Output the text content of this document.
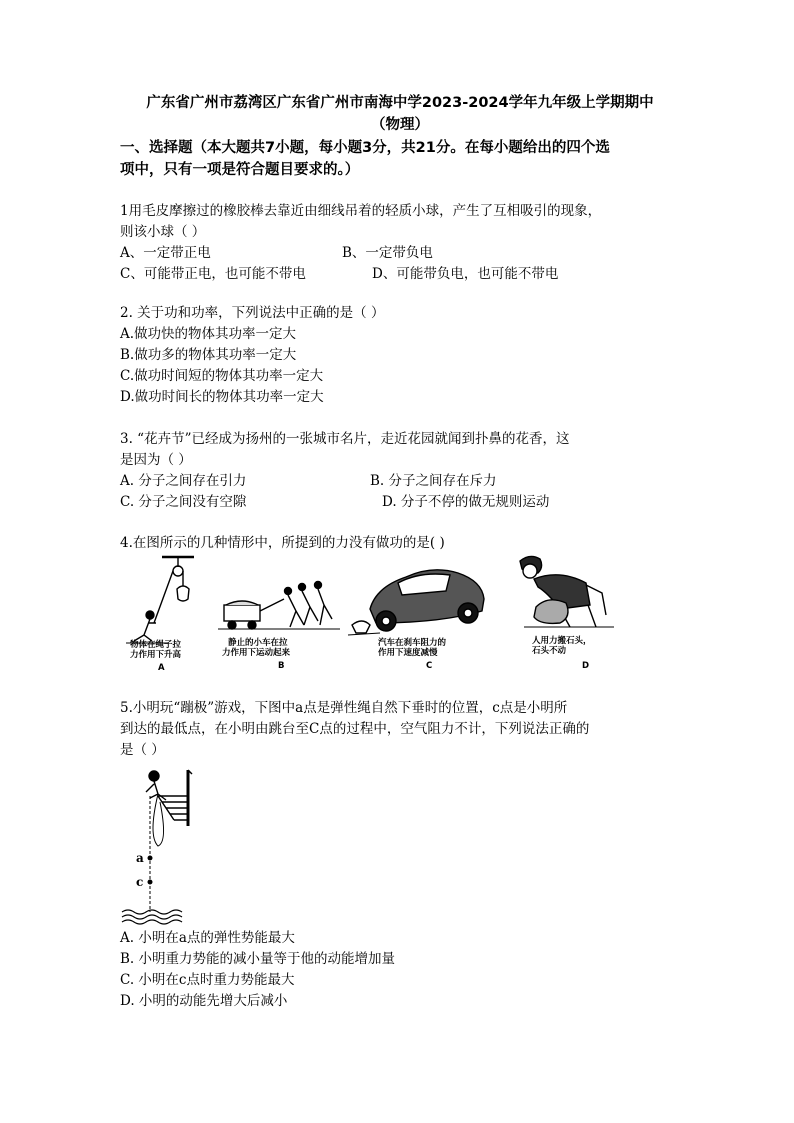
广东省广州市荔湾区广东省广州市南海中学2023-2024学年九年级上学期期中
（物理）
一、选择题（本大题共7小题，每小题3分，共21分。在每小题给出的四个选
项中，只有一项是符合题目要求的。）

1用毛皮摩擦过的橡胶棒去靠近由细线吊着的轻质小球，产生了互相吸引的现象，

则该小球（ ）

A、一定带正电	B、一定带负电
C、可能带正电，也可能不带电	D、可能带负电，也可能不带电

2. 关于功和功率，下列说法中正确的是（ ）

A.做功快的物体其功率一定大

B.做功多的物体其功率一定大

C.做功时间短的物体其功率一定大

D.做功时间长的物体其功率一定大

3. “花卉节”已经成为扬州的一张城市名片，走近花园就闻到扑鼻的花香，这

是因为（ ）

A. 分子之间存在引力	B. 分子之间存在斥力
C. 分子之间没有空隙	D. 分子不停的做无规则运动

4.在图所示的几种情形中，所提到的力没有做功的是( )

物体在绳子拉
力作用下升高
A
静止的小车在拉
力作用下运动起来
B
汽车在刹车阻力的
作用下速度减慢
C
人用力搬石头，
石头不动
D

5.小明玩“蹦极”游戏，下图中a点是弹性绳自然下垂时的位置，c点是小明所

到达的最低点，在小明由跳台至C点的过程中，空气阻力不计，下列说法正确的

是（ ）

a
c

A. 小明在a点的弹性势能最大

B. 小明重力势能的减小量等于他的动能增加量

C. 小明在c点时重力势能最大

D. 小明的动能先增大后减小
